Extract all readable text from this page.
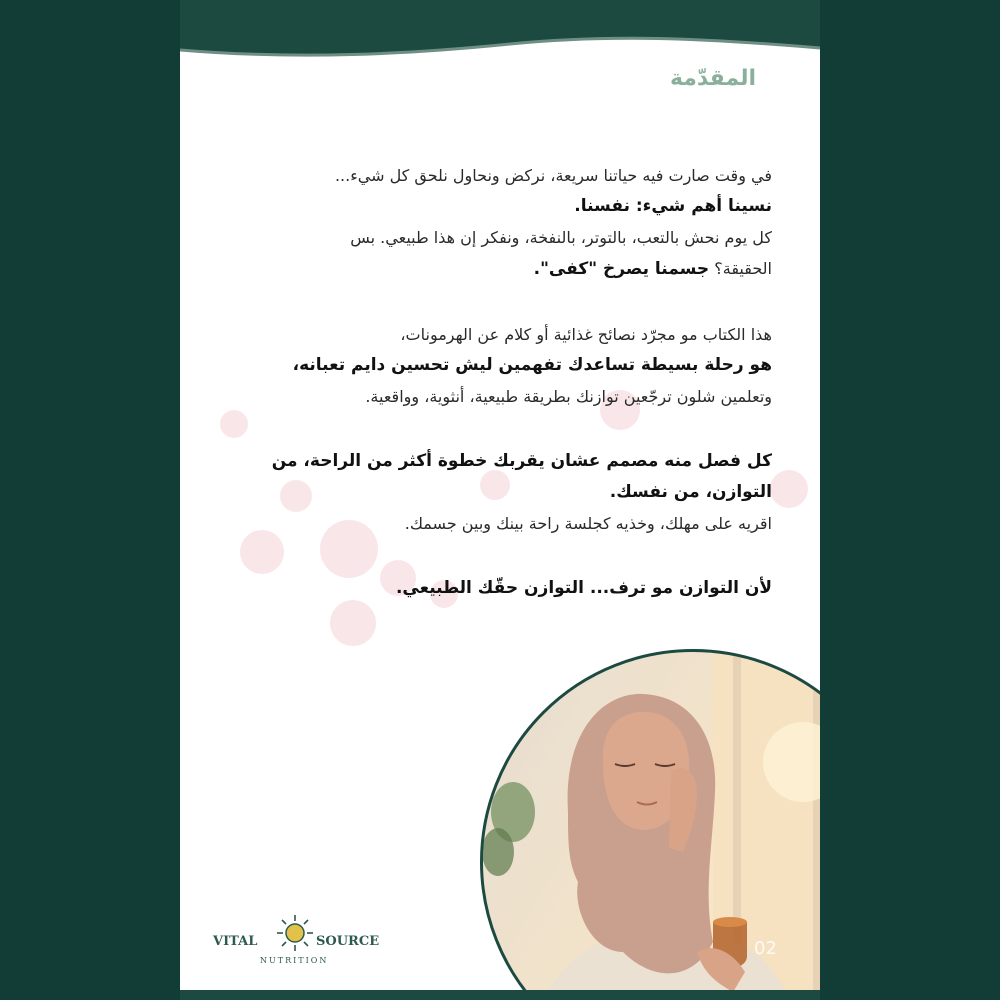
المقدّمة

في وقت صارت فيه حياتنا سريعة، نركض ونحاول نلحق كل شيء...

نسينا أهم شيء: نفسنا.

كل يوم نحش بالتعب، بالتوتر، بالنفخة، ونفكر إن هذا طبيعي. بس

الحقيقة؟ جسمنا يصرخ "كفى".

هذا الكتاب مو مجرّد نصائح غذائية أو كلام عن الهرمونات،

هو رحلة بسيطة تساعدك تفهمين ليش تحسين دايم تعبانه،

وتعلمين شلون ترجّعين توازنك بطريقة طبيعية، أنثوية، وواقعية.

كل فصل منه مصمم عشان يقربك خطوة أكثر من الراحة، من

التوازن، من نفسك.

اقريه على مهلك، وخذيه كجلسة راحة بينك وبين جسمك.

لأن التوازن مو ترف... التوازن حقّك الطبيعي.

VITAL	SOURCE
NUTRITION
02
